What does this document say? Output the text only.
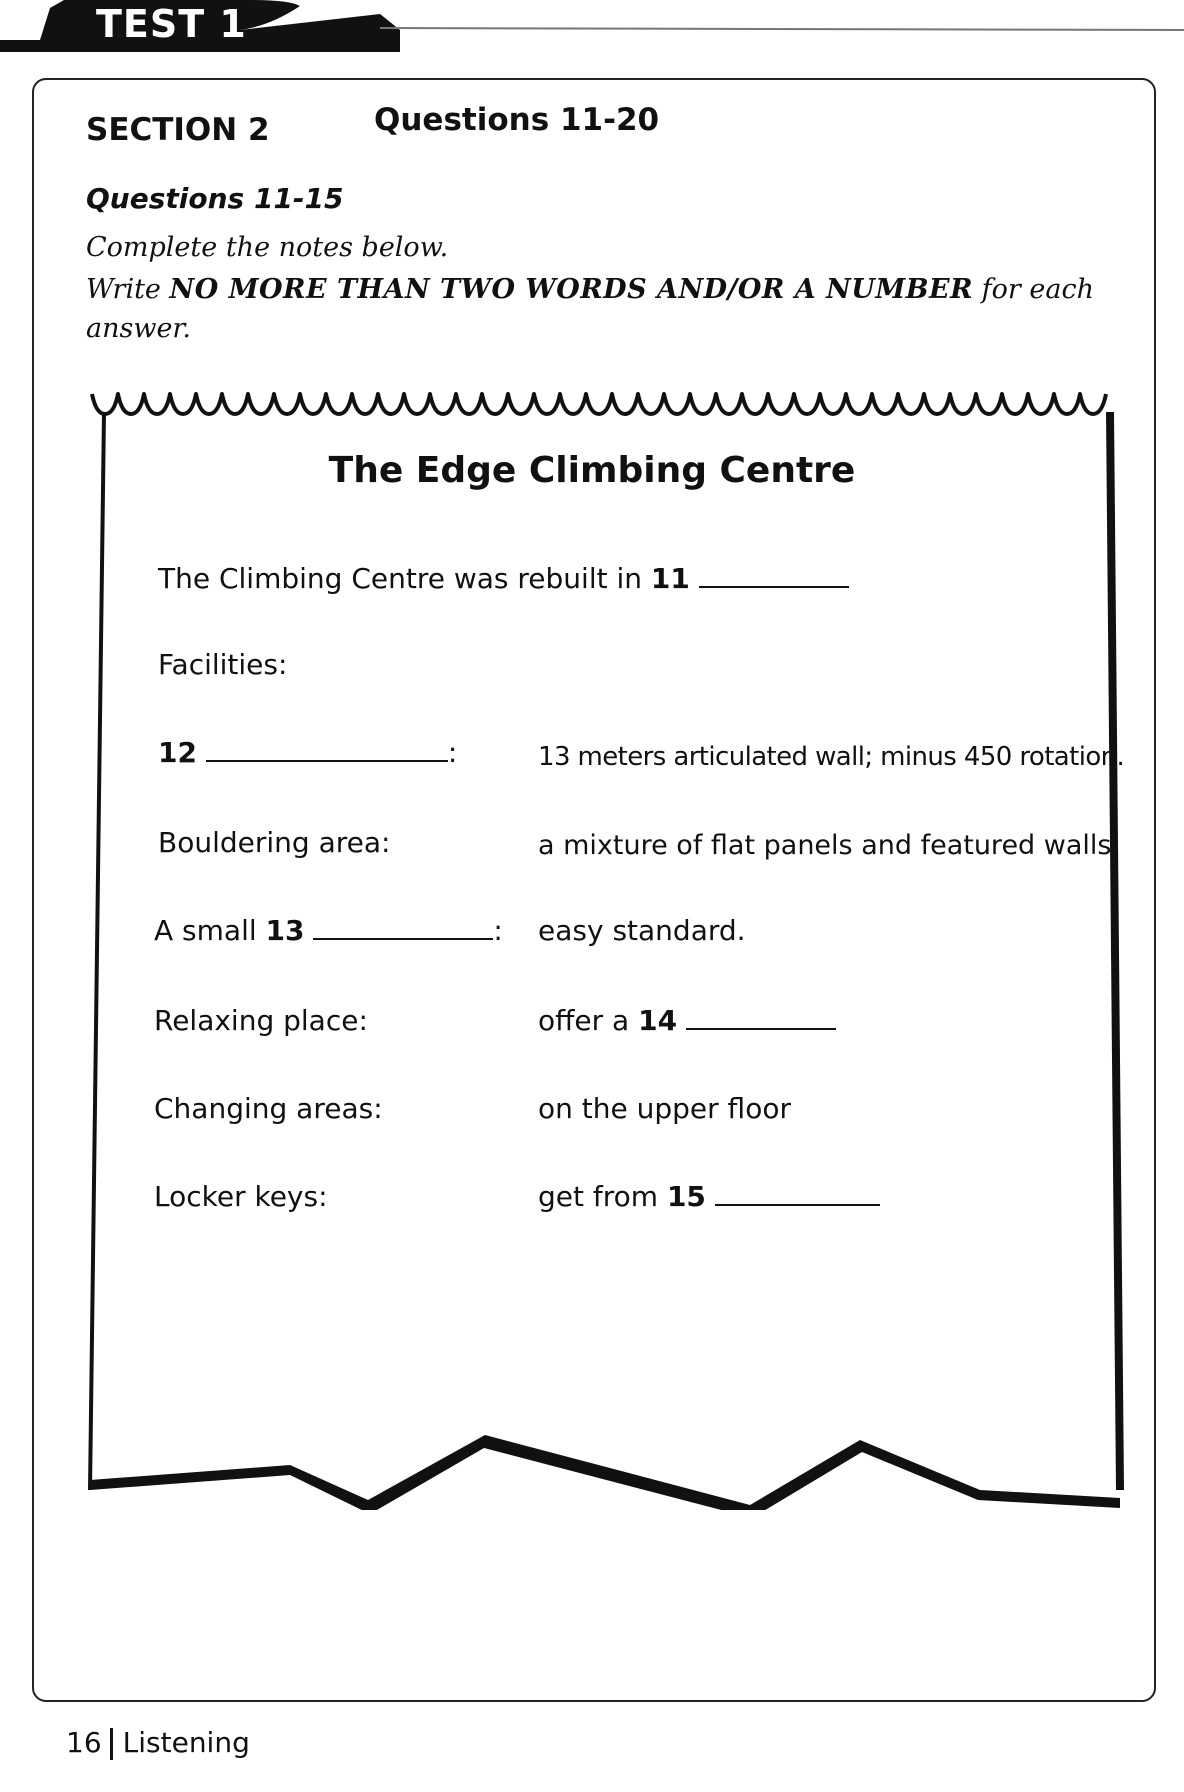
TEST 1
SECTION 2	Questions 11-20
Questions 11-15
Complete the notes below.
Write NO MORE THAN TWO WORDS AND/OR A NUMBER for each answer.
The Edge Climbing Centre
The Climbing Centre was rebuilt in 11
Facilities:
12	:	13 meters articulated wall; minus 450 rotation.
Bouldering area:	a mixture of flat panels and featured walls.
A small 13	: easy standard.
Relaxing place:	offer a 14
Changing areas:	on the upper floor
Locker keys:	get from 15
16 Listening
